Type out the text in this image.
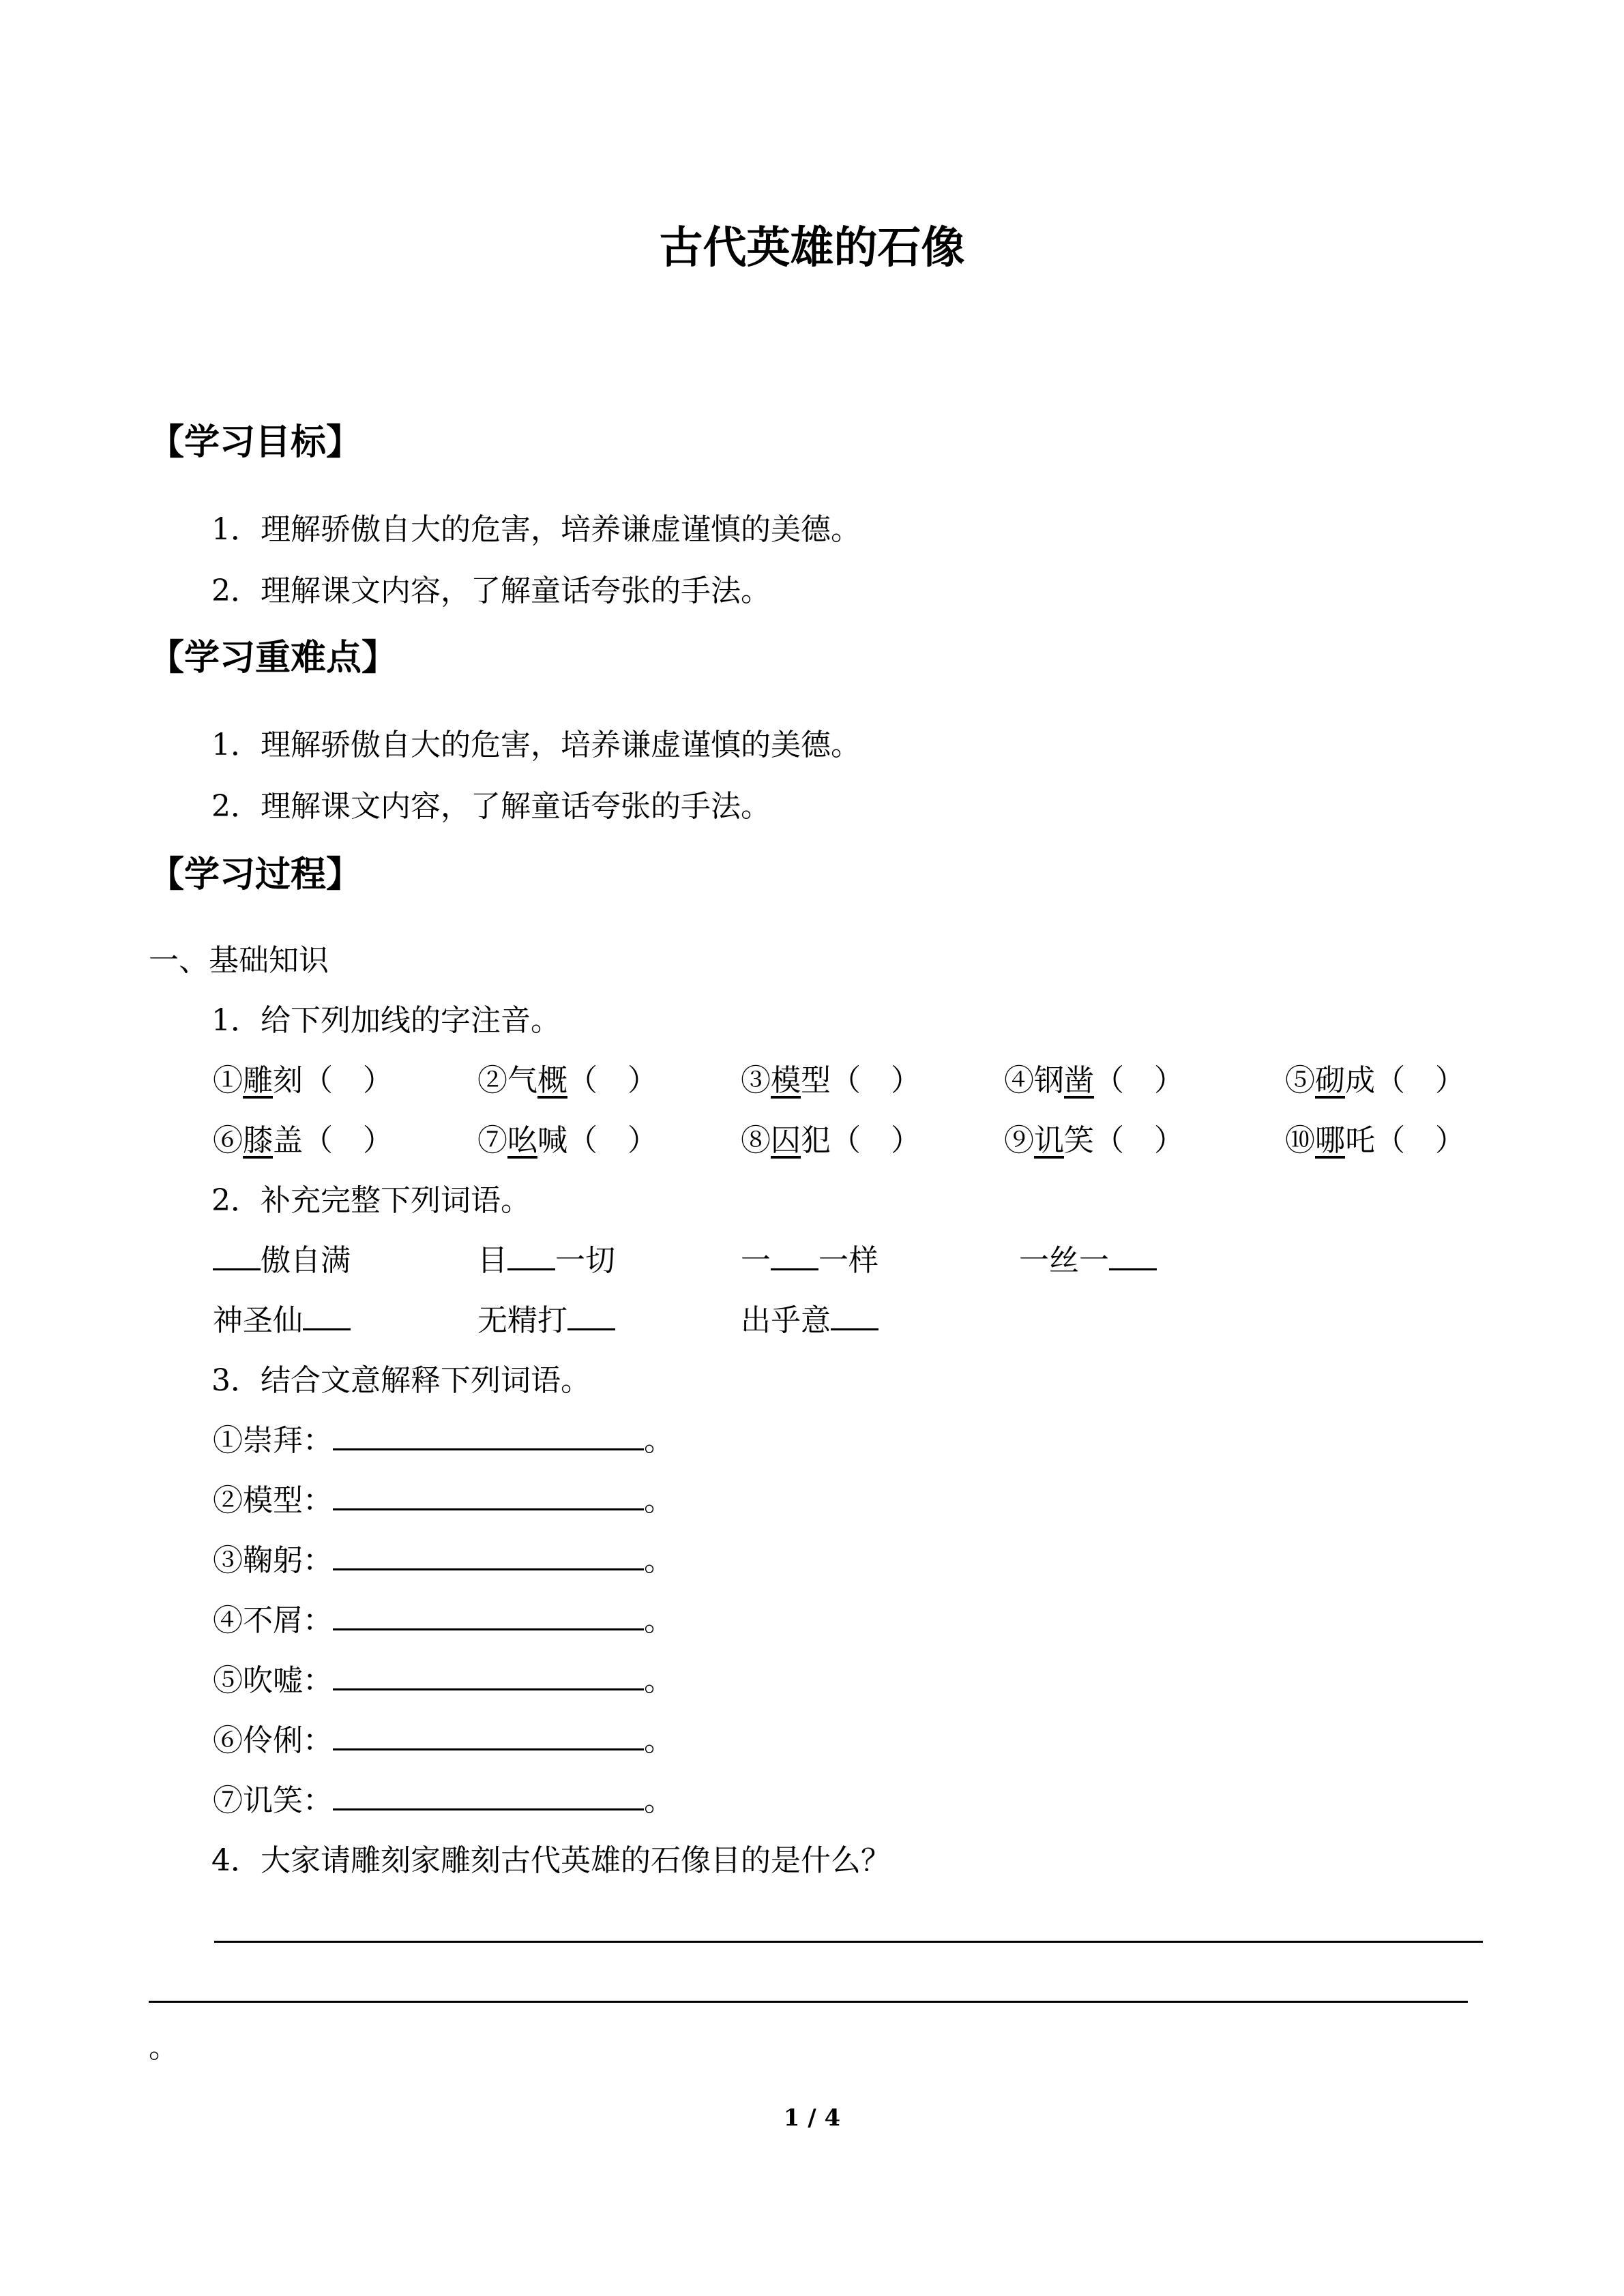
古代英雄的石像
【学习目标】
1．理解骄傲自大的危害，培养谦虚谨慎的美德。
2．理解课文内容，了解童话夸张的手法。
【学习重难点】
1．理解骄傲自大的危害，培养谦虚谨慎的美德。
2．理解课文内容，了解童话夸张的手法。
【学习过程】
一、基础知识
1．给下列加线的字注音。
①雕刻（　）	②气概（　）	③模型（　）	④钢凿（　）	⑤砌成（　）
⑥膝盖（　）	⑦吆喊（　）	⑧囚犯（　）	⑨讥笑（　）	⑩哪吒（　）
2．补充完整下列词语。
傲自满	目 一切	一 一样	一丝一
神圣仙	无精打	出乎意
3．结合文意解释下列词语。
①崇拜：	。
②模型：	。
③鞠躬：	。
④不屑：	。
⑤吹嘘：	。
⑥伶俐：	。
⑦讥笑：	。
4．大家请雕刻家雕刻古代英雄的石像目的是什么？
。
1 / 4
